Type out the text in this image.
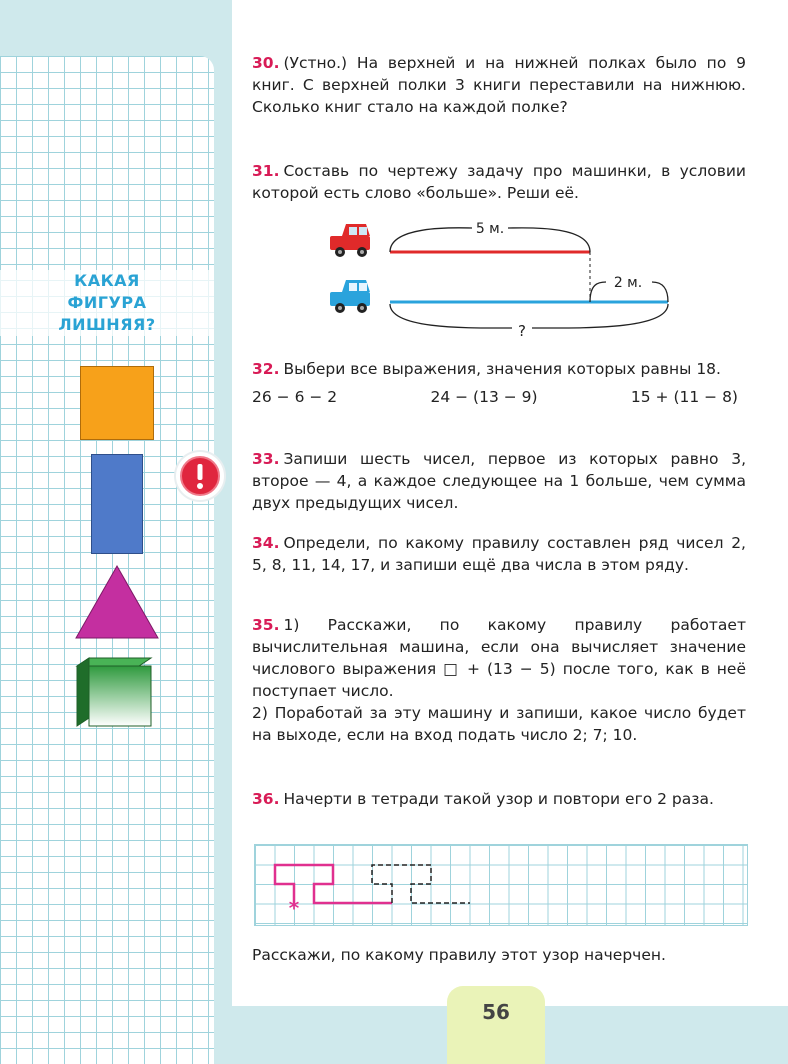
КАКАЯ
ФИГУРА
ЛИШНЯЯ?

30. (Устно.) На верхней и на нижней полках было по 9 книг. С верхней полки 3 книги переставили на нижнюю. Сколько книг стало на каждой полке?

31. Составь по чертежу задачу про машинки, в условии которой есть слово «больше». Реши её.

5 м.
2 м.
?

32. Выбери все выражения, значения которых равны 18.

26 − 6 − 2	24 − (13 − 9)	15 + (11 − 8)

33. Запиши шесть чисел, первое из которых равно 3, второе — 4, а каждое следующее на 1 больше, чем сумма двух предыдущих чисел.

34. Определи, по какому правилу составлен ряд чисел 2, 5, 8, 11, 14, 17, и запиши ещё два числа в этом ряду.

35. 1) Расскажи, по какому правилу работает вычислительная машина, если она вычисляет значение числового выражения □ + (13 − 5) после того, как в неё поступает число.

2) Поработай за эту машину и запиши, какое число будет на выходе, если на вход подать число 2; 7; 10.

36. Начерти в тетради такой узор и повтори его 2 раза.

*

Расскажи, по какому правилу этот узор начерчен.

56
